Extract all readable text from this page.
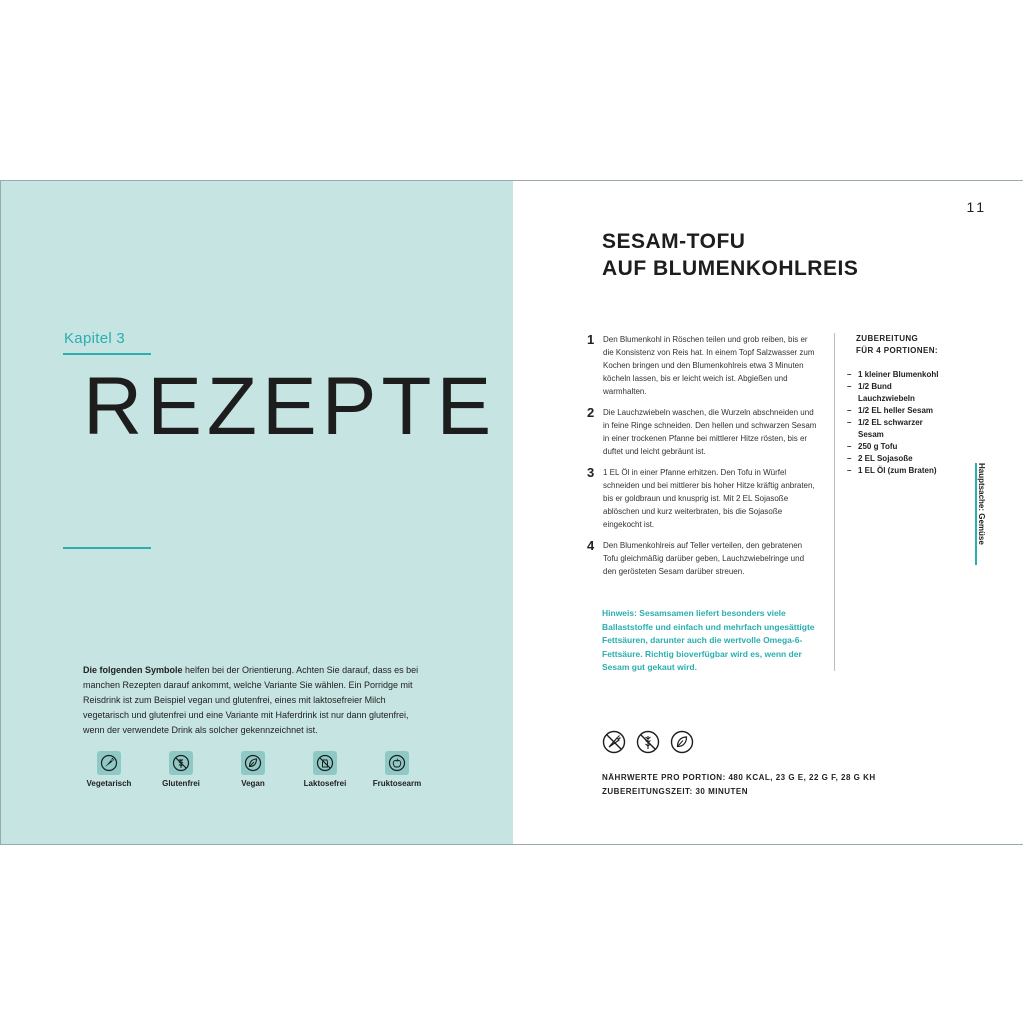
Kapitel 3
REZEPTE
Die folgenden Symbole helfen bei der Orientierung. Achten Sie darauf, dass es bei manchen Rezepten darauf ankommt, welche Variante Sie wählen. Ein Porridge mit Reisdrink ist zum Beispiel vegan und glutenfrei, eines mit laktosefreier Milch vegetarisch und glutenfrei und eine Variante mit Haferdrink ist nur dann glutenfrei, wenn der verwendete Drink als solcher gekennzeichnet ist.
Vegetarisch	Glutenfrei	Vegan	Laktosefrei	Fruktosearm
11
SESAM-TOFU
AUF BLUMENKOHLREIS
1 Den Blumenkohl in Röschen teilen und grob reiben, bis er die Konsistenz von Reis hat. In einem Topf Salzwasser zum Kochen bringen und den Blumenkohlreis etwa 3 Minuten köcheln lassen, bis er leicht weich ist. Abgießen und warmhalten.
2 Die Lauchzwiebeln waschen, die Wurzeln abschneiden und in feine Ringe schneiden. Den hellen und schwarzen Sesam in einer trockenen Pfanne bei mittlerer Hitze rösten, bis er duftet und leicht gebräunt ist.
3 1 EL Öl in einer Pfanne erhitzen. Den Tofu in Würfel schneiden und bei mittlerer bis hoher Hitze kräftig anbraten, bis er goldbraun und knusprig ist. Mit 2 EL Sojasoße ablöschen und kurz weiterbraten, bis die Sojasoße eingekocht ist.
4 Den Blumenkohlreis auf Teller verteilen, den gebratenen Tofu gleichmäßig darüber geben, Lauchzwiebelringe und den gerösteten Sesam darüber streuen.
Hinweis: Sesamsamen liefert besonders viele Ballaststoffe und einfach und mehrfach ungesättigte Fettsäuren, darunter auch die wertvolle Omega-6-Fettsäure. Richtig bioverfügbar wird es, wenn der Sesam gut gekaut wird.
ZUBEREITUNG
FÜR 4 PORTIONEN:
– 1 kleiner Blumenkohl
– 1/2 Bund Lauchzwiebeln
– 1/2 EL heller Sesam
– 1/2 EL schwarzer Sesam
– 250 g Tofu
– 2 EL Sojasoße
– 1 EL Öl (zum Braten)	Hauptsache: Gemüse
NÄHRWERTE PRO PORTION: 480 KCAL, 23 G E, 22 G F, 28 G KH
ZUBEREITUNGSZEIT: 30 MINUTEN
